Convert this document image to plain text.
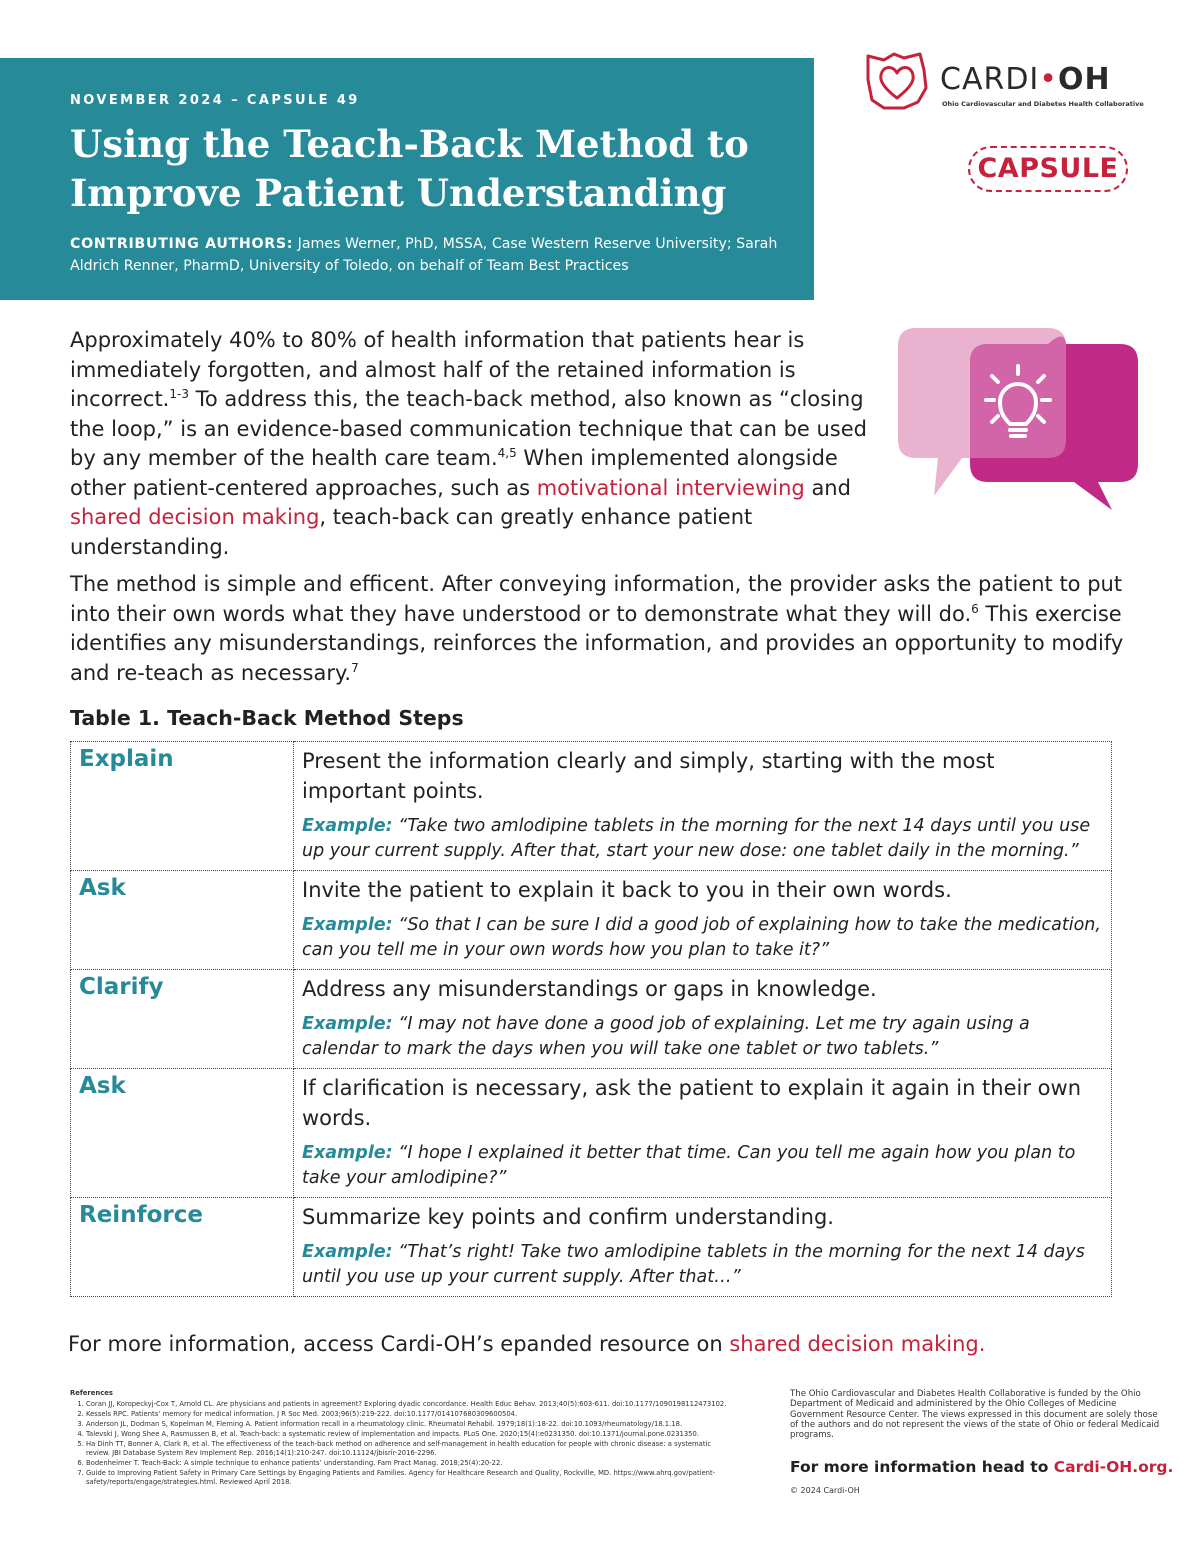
NOVEMBER 2024 – CAPSULE 49
Using the Teach-Back Method to Improve Patient Understanding
CONTRIBUTING AUTHORS: James Werner, PhD, MSSA, Case Western Reserve University; Sarah Aldrich Renner, PharmD, University of Toledo, on behalf of Team Best Practices
CARDI•OH
Ohio Cardiovascular and Diabetes Health Collaborative
CAPSULE

Approximately 40% to 80% of health information that patients hear is immediately forgotten, and almost half of the retained information is incorrect.$^{1-3}$ To address this, the teach-back method, also known as “closing the loop,” is an evidence-based communication technique that can be used by any member of the health care team.$^{4,5}$ When implemented alongside other patient-centered approaches, such as motivational interviewing and shared decision making, teach-back can greatly enhance patient understanding.

The method is simple and efficent. After conveying information, the provider asks the patient to put into their own words what they have understood or to demonstrate what they will do.$^6$ This exercise identifies any misunderstandings, reinforces the information, and provides an opportunity to modify and re-teach as necessary.$^7$

Table 1. Teach-Back Method Steps
Explain	Present the information clearly and simply, starting with the most important points.
Example: “Take two amlodipine tablets in the morning for the next 14 days until you use up your current supply. After that, start your new dose: one tablet daily in the morning.”

Ask	Invite the patient to explain it back to you in their own words.
Example: “So that I can be sure I did a good job of explaining how to take the medication, can you tell me in your own words how you plan to take it?”

Clarify	Address any misunderstandings or gaps in knowledge.
Example: “I may not have done a good job of explaining. Let me try again using a calendar to mark the days when you will take one tablet or two tablets.”

Ask	If clarification is necessary, ask the patient to explain it again in their own words.
Example: “I hope I explained it better that time. Can you tell me again how you plan to take your amlodipine?”

Reinforce	Summarize key points and confirm understanding.
Example: “That’s right! Take two amlodipine tablets in the morning for the next 14 days until you use up your current supply. After that…”

For more information, access Cardi-OH’s epanded resource on shared decision making.

References
1. Coran JJ, Koropeckyj-Cox T, Arnold CL. Are physicians and patients in agreement? Exploring dyadic concordance. Health Educ Behav. 2013;40(5):603-611. doi:10.1177/1090198112473102.
2. Kessels RPC. Patients’ memory for medical information. J R Soc Med. 2003;96(5):219-222. doi:10.1177/014107680309600504.
3. Anderson JL, Dodman S, Kopelman M, Fleming A. Patient information recall in a rheumatology clinic. Rheumatol Rehabil. 1979;18(1):18-22. doi:10.1093/rheumatology/18.1.18.
4. Talevski J, Wong Shee A, Rasmussen B, et al. Teach-back: a systematic review of implementation and impacts. PLoS One. 2020;15(4):e0231350. doi:10.1371/journal.pone.0231350.
5. Ha Dinh TT, Bonner A, Clark R, et al. The effectiveness of the teach-back method on adherence and self-management in health education for people with chronic disease: a systematic review. JBI Database System Rev Implement Rep. 2016;14(1):210-247. doi:10.11124/jbisrir-2016-2296.
6. Bodenheimer T. Teach-Back: A simple technique to enhance patients’ understanding. Fam Pract Manag. 2018;25(4):20-22.
7. Guide to Improving Patient Safety in Primary Care Settings by Engaging Patients and Families. Agency for Healthcare Research and Quality, Rockville, MD. https://www.ahrq.gov/patient-safety/reports/engage/strategies.html. Reviewed April 2018.
The Ohio Cardiovascular and Diabetes Health Collaborative is funded by the Ohio Department of Medicaid and administered by the Ohio Colleges of Medicine Government Resource Center. The views expressed in this document are solely those of the authors and do not represent the views of the state of Ohio or federal Medicaid programs.
For more information head to Cardi-OH.org.
© 2024 Cardi-OH
